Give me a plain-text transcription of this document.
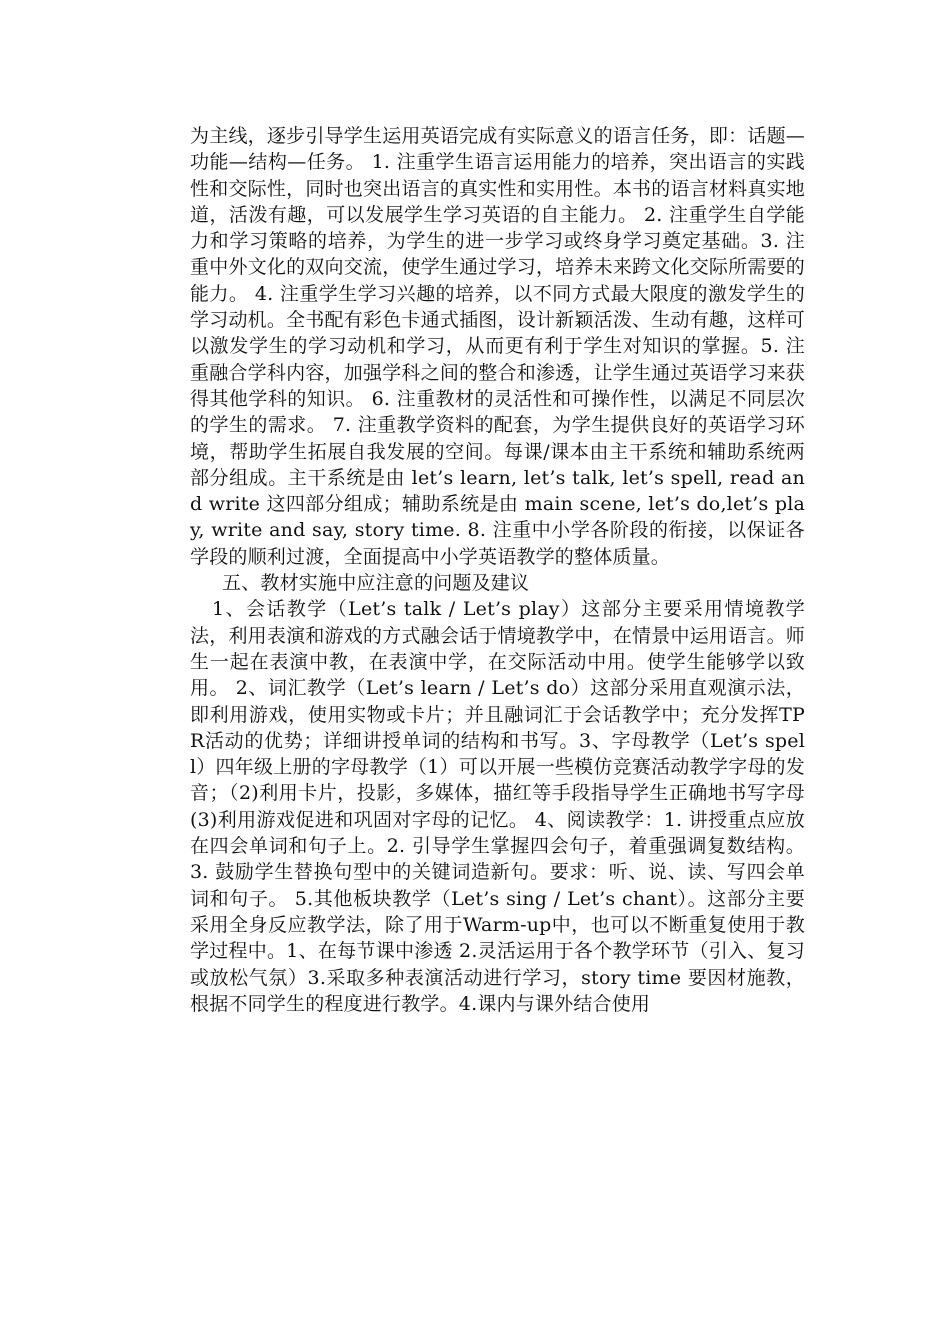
为主线，逐步引导学生运用英语完成有实际意义的语言任务，即：话题—功能—结构—任务。 1. 注重学生语言运用能力的培养，突出语言的实践性和交际性，同时也突出语言的真实性和实用性。本书的语言材料真实地道，活泼有趣，可以发展学生学习英语的自主能力。 2. 注重学生自学能力和学习策略的培养，为学生的进一步学习或终身学习奠定基础。3. 注重中外文化的双向交流，使学生通过学习，培养未来跨文化交际所需要的能力。 4. 注重学生学习兴趣的培养，以不同方式最大限度的激发学生的学习动机。全书配有彩色卡通式插图，设计新颖活泼、生动有趣，这样可以激发学生的学习动机和学习，从而更有利于学生对知识的掌握。5. 注重融合学科内容，加强学科之间的整合和渗透，让学生通过英语学习来获得其他学科的知识。 6. 注重教材的灵活性和可操作性，以满足不同层次的学生的需求。 7. 注重教学资料的配套，为学生提供良好的英语学习环境，帮助学生拓展自我发展的空间。每课/课本由主干系统和辅助系统两部分组成。主干系统是由 let’s learn, let’s talk, let’s spell, read and write 这四部分组成；辅助系统是由 main scene, let’s do,let’s play, write and say, story time. 8. 注重中小学各阶段的衔接，以保证各学段的顺利过渡，全面提高中小学英语教学的整体质量。

五、教材实施中应注意的问题及建议

1、会话教学（Let’s talk / Let’s play）这部分主要采用情境教学法，利用表演和游戏的方式融会话于情境教学中，在情景中运用语言。师生一起在表演中教，在表演中学，在交际活动中用。使学生能够学以致用。 2、词汇教学（Let’s learn / Let’s do）这部分采用直观演示法，即利用游戏，使用实物或卡片；并且融词汇于会话教学中；充分发挥TPR活动的优势；详细讲授单词的结构和书写。3、字母教学（Let’s spell）四年级上册的字母教学（1）可以开展一些模仿竞赛活动教学字母的发音；（2)利用卡片，投影，多媒体，描红等手段指导学生正确地书写字母 (3)利用游戏促进和巩固对字母的记忆。 4、阅读教学：1. 讲授重点应放在四会单词和句子上。2. 引导学生掌握四会句子，着重强调复数结构。3. 鼓励学生替换句型中的关键词造新句。要求：听、说、读、写四会单词和句子。 5.其他板块教学（Let’s sing / Let’s chant）。这部分主要采用全身反应教学法，除了用于Warm-up中，也可以不断重复使用于教学过程中。1、在每节课中渗透 2.灵活运用于各个教学环节（引入、复习或放松气氛）3.采取多种表演活动进行学习，story time 要因材施教，根据不同学生的程度进行教学。4.课内与课外结合使用
